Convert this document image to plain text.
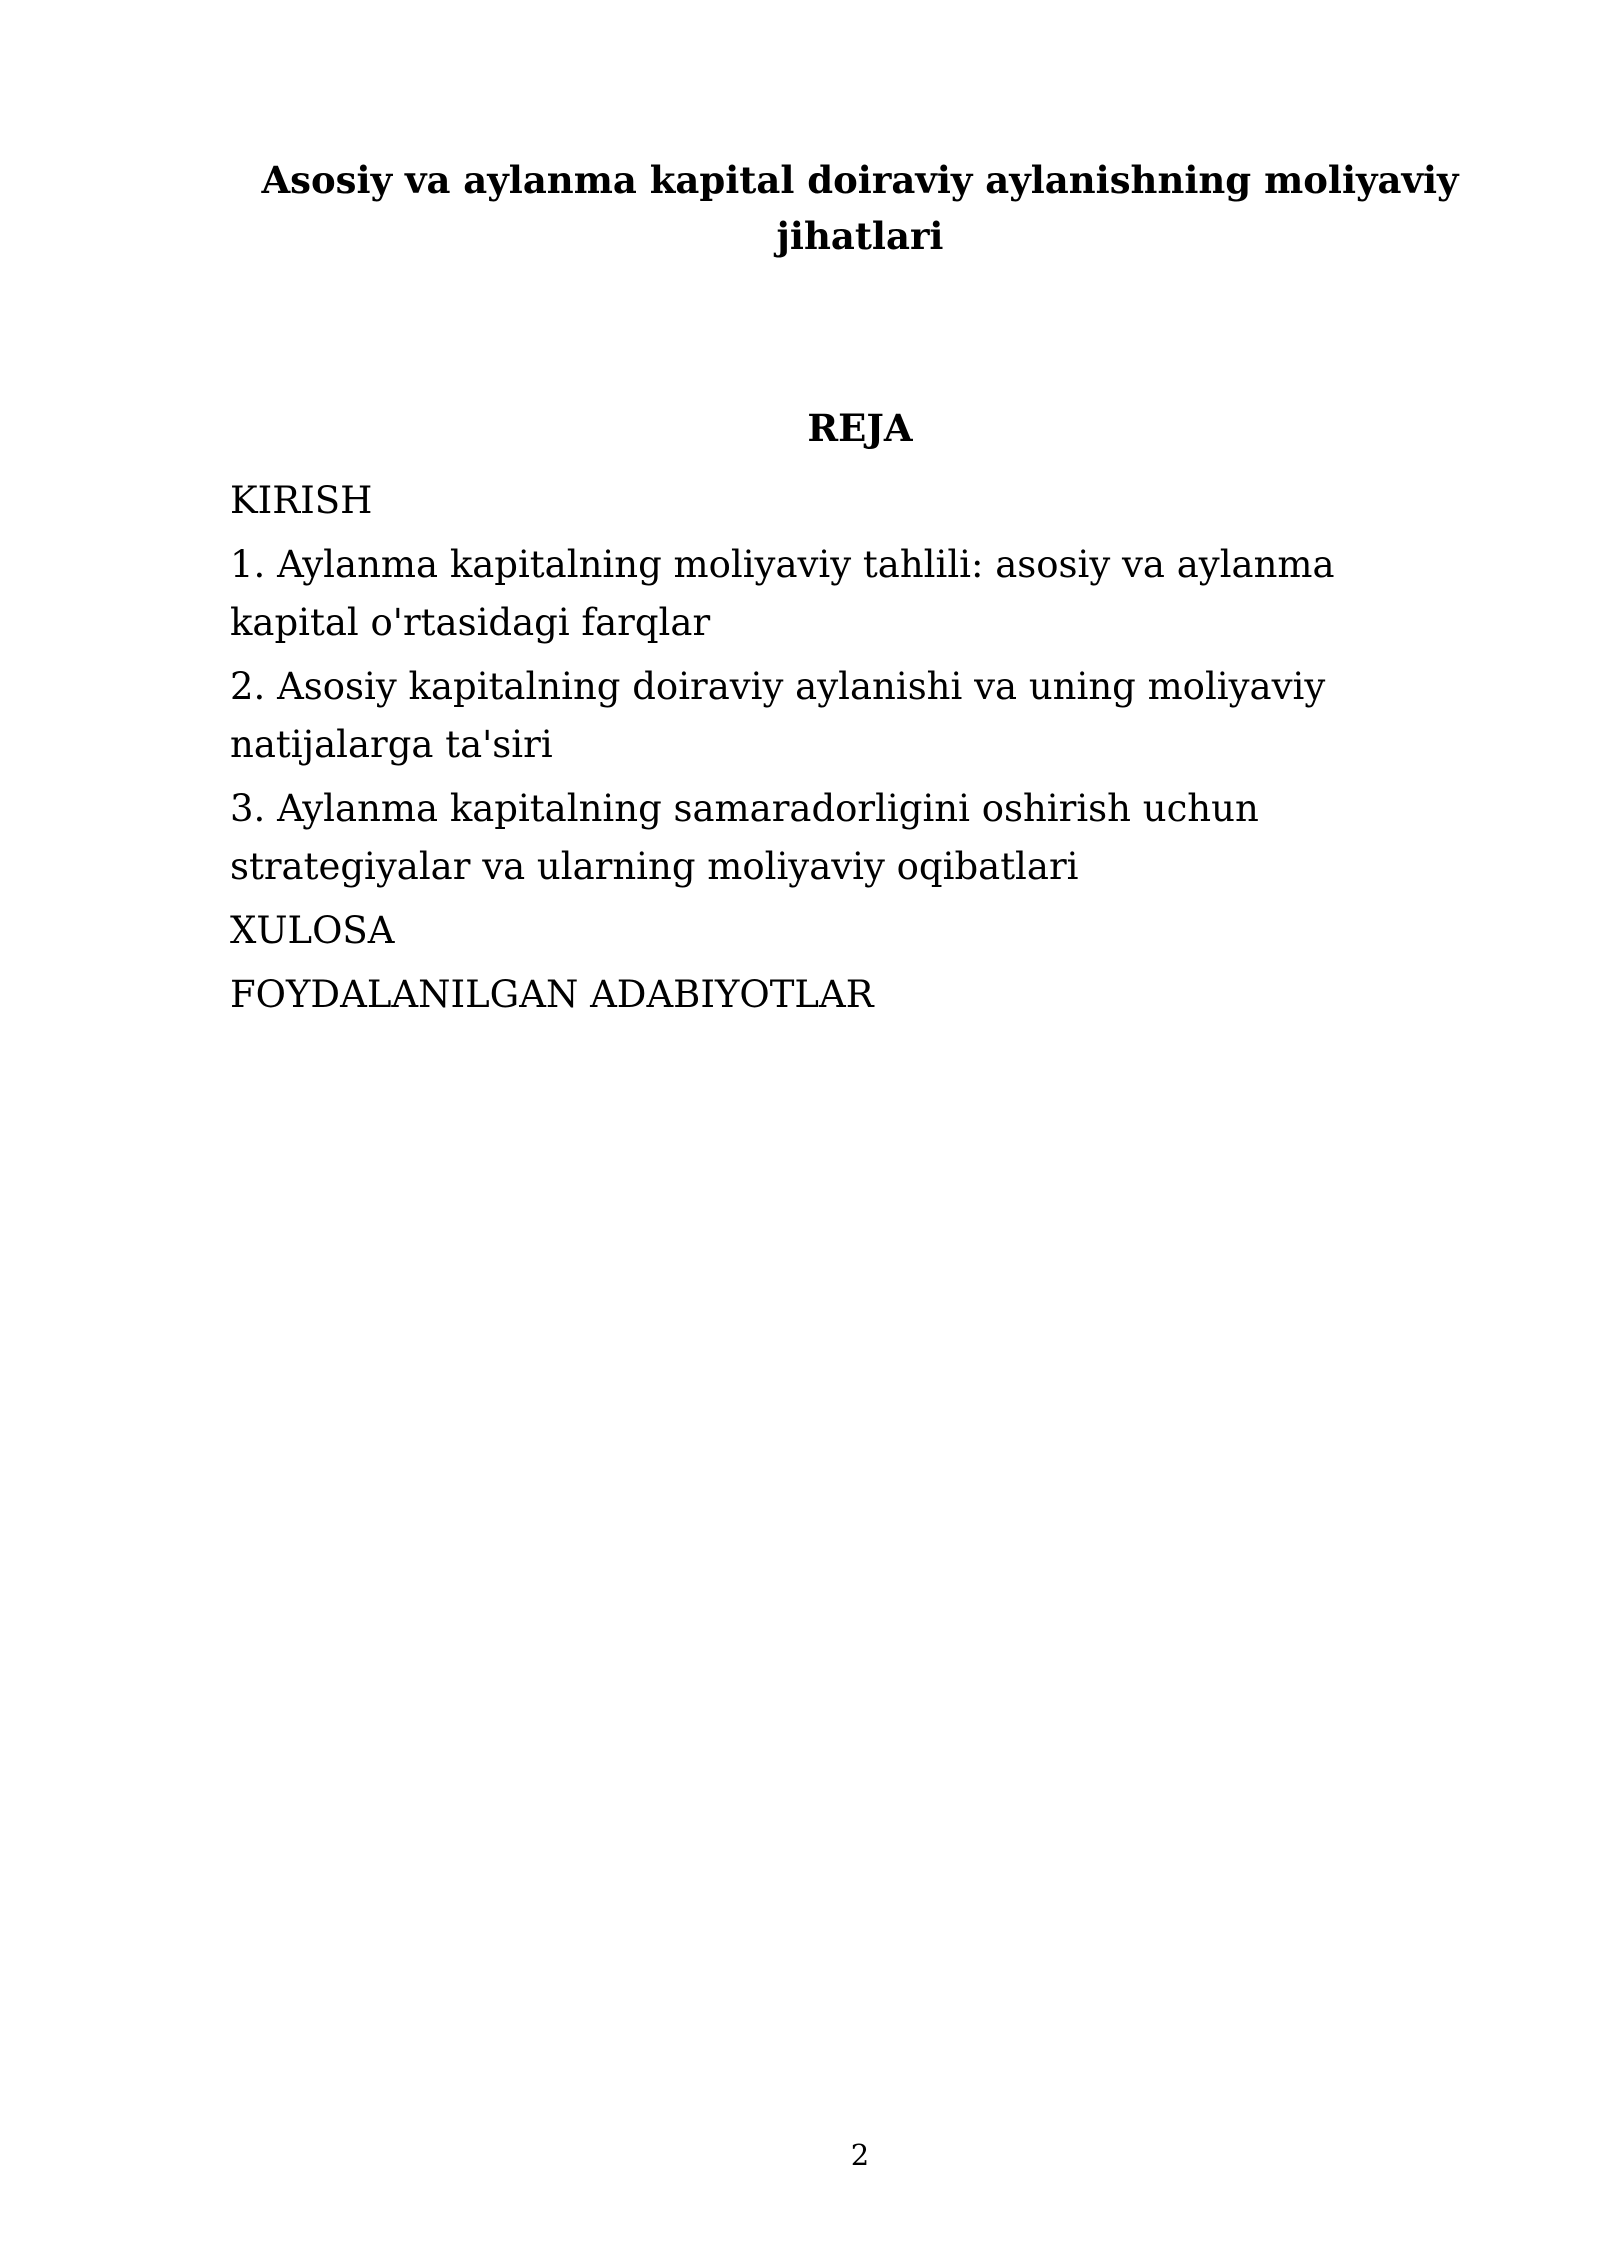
Asosiy va aylanma kapital doiraviy aylanishning moliyaviy jihatlari
REJA
KIRISH
1. Aylanma kapitalning moliyaviy tahlili: asosiy va aylanma kapital o'rtasidagi farqlar
2. Asosiy kapitalning doiraviy aylanishi va uning moliyaviy natijalarga ta'siri
3. Aylanma kapitalning samaradorligini oshirish uchun strategiyalar va ularning moliyaviy oqibatlari
XULOSA
FOYDALANILGAN ADABIYOTLAR
2
